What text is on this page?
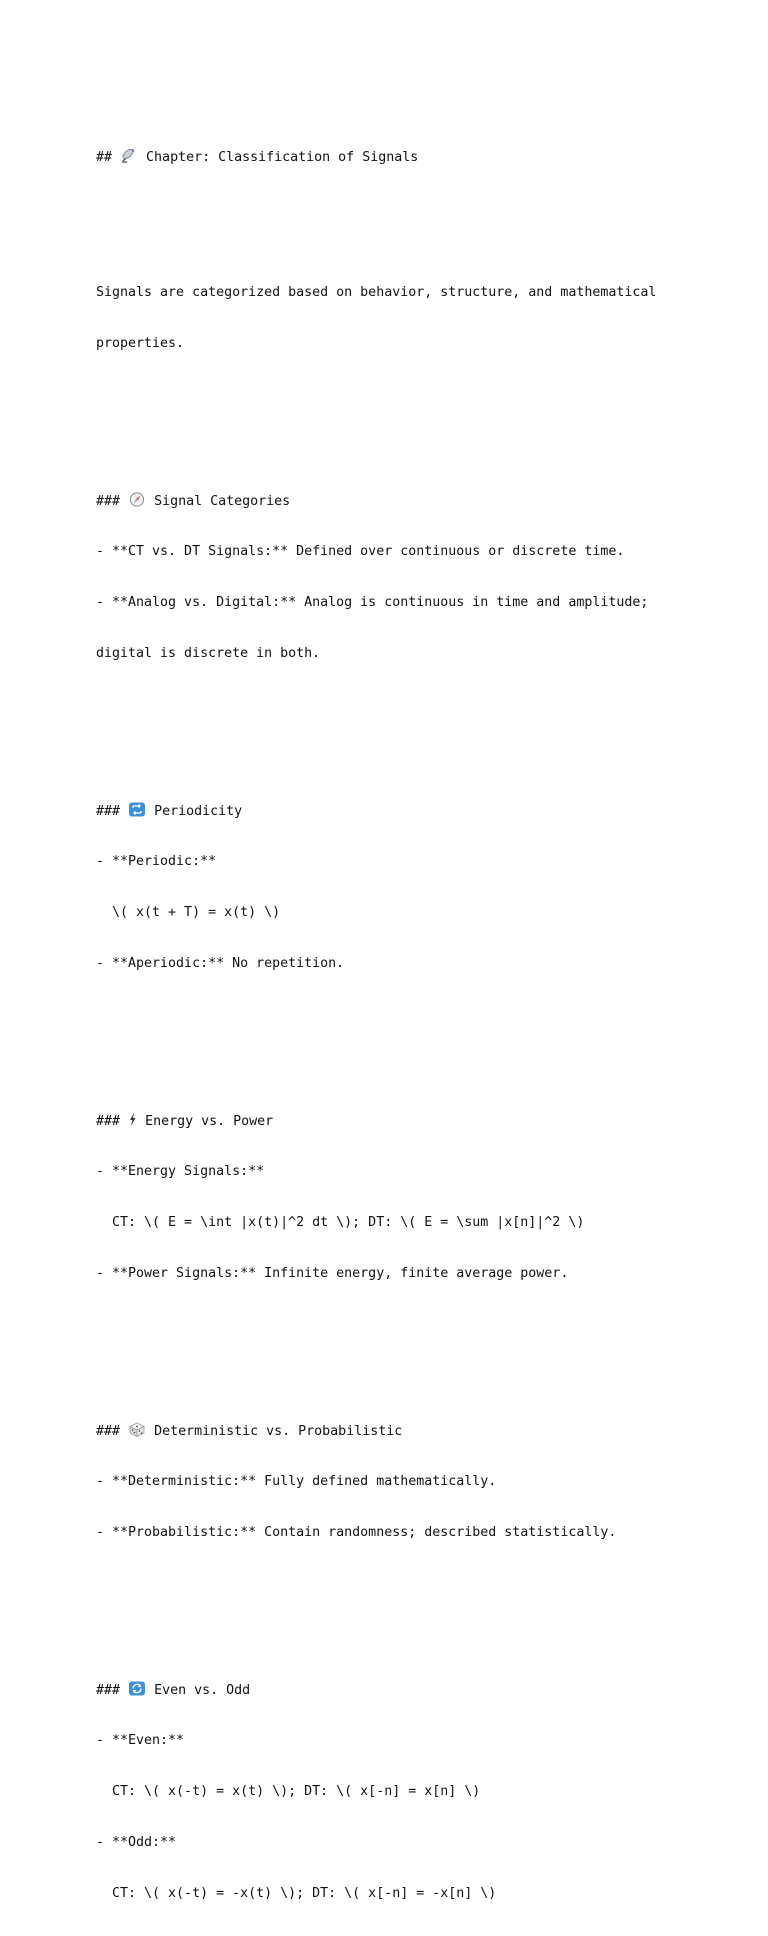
##	Chapter: Classification of Signals

Signals are categorized based on behavior, structure, and mathematical

properties.

###	Signal Categories

- **CT vs. DT Signals:** Defined over continuous or discrete time.

- **Analog vs. Digital:** Analog is continuous in time and amplitude;

digital is discrete in both.

###	Periodicity

- **Periodic:**

\( x(t + T) = x(t) \)

- **Aperiodic:** No repetition.

### Energy vs. Power

- **Energy Signals:**

CT: \( E = \int |x(t)|^2 dt \); DT: \( E = \sum |x[n]|^2 \)

- **Power Signals:** Infinite energy, finite average power.

###	Deterministic vs. Probabilistic

- **Deterministic:** Fully defined mathematically.

- **Probabilistic:** Contain randomness; described statistically.

###	Even vs. Odd

- **Even:**

CT: \( x(-t) = x(t) \); DT: \( x[-n] = x[n] \)

- **Odd:**

CT: \( x(-t) = -x(t) \); DT: \( x[-n] = -x[n] \)
